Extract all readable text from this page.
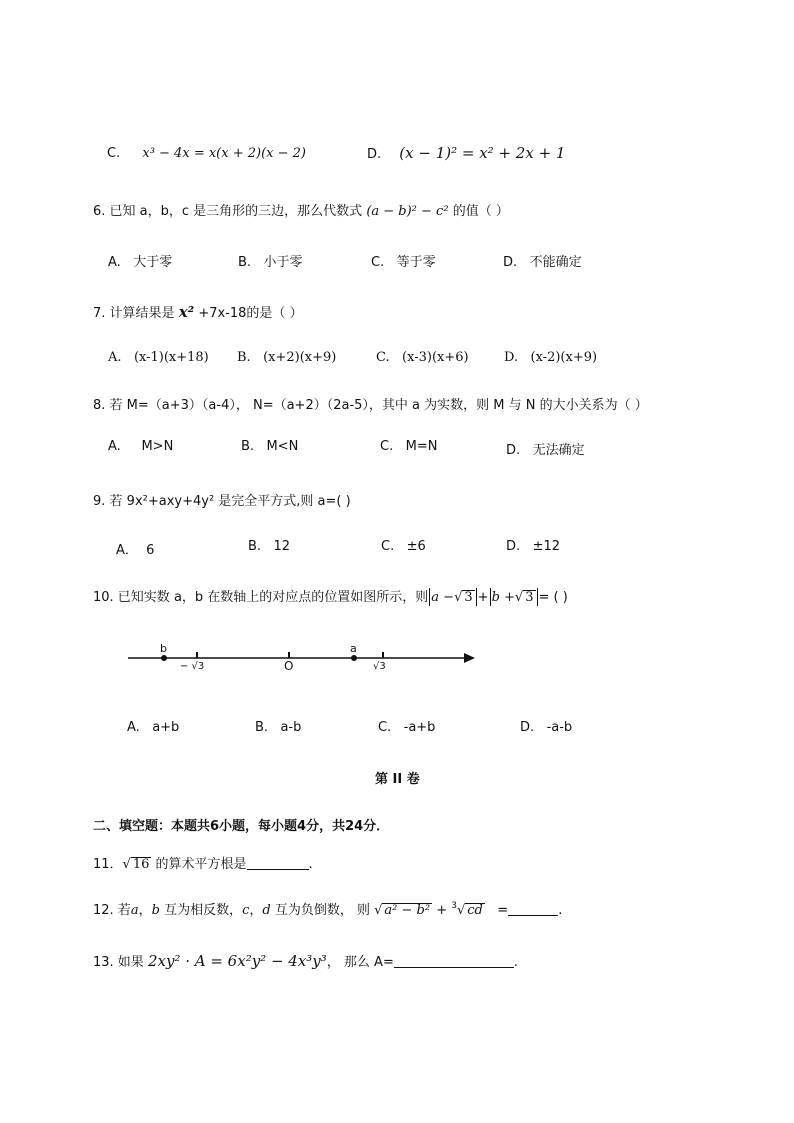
C. x³ − 4x = x(x + 2)(x − 2)	D. (x − 1)² = x² + 2x + 1
6. 已知 a，b，c 是三角形的三边，那么代数式 (a − b)² − c² 的值（ ）
A. 大于零	B. 小于零	C. 等于零	D. 不能确定
7. 计算结果是 x² +7x-18的是（ ）
A. (x-1)(x+18) B. (x+2)(x+9)	C. (x-3)(x+6)	D. (x-2)(x+9)
8. 若 M=（a+3）（a-4）， N=（a+2）（2a-5），其中 a 为实数，则 M 与 N 的大小关系为（ ）
A. M>N	B. M<N	C. M=N	D. 无法确定
9. 若 9x²+axy+4y² 是完全平方式,则 a=( )
A． 6	B. 12	C. ±6	D. ±12
10. 已知实数 a，b 在数轴上的对应点的位置如图所示，则 a −√ 3 + b +√ 3 = ( )
b
− √3	O
a
√3
A. a+b	B. a-b	C. -a+b	D. -a-b
第 II 卷
二、填空题：本题共6小题，每小题4分，共24分．
11．√ 16 的算术平方根是	.
12. 若a，b 互为相反数，c，d 互为负倒数， 则 √ a² − b² + $^3$√ cd =	.
13. 如果 2xy² · A = 6x²y² − 4x³y³， 那么 A=	.
